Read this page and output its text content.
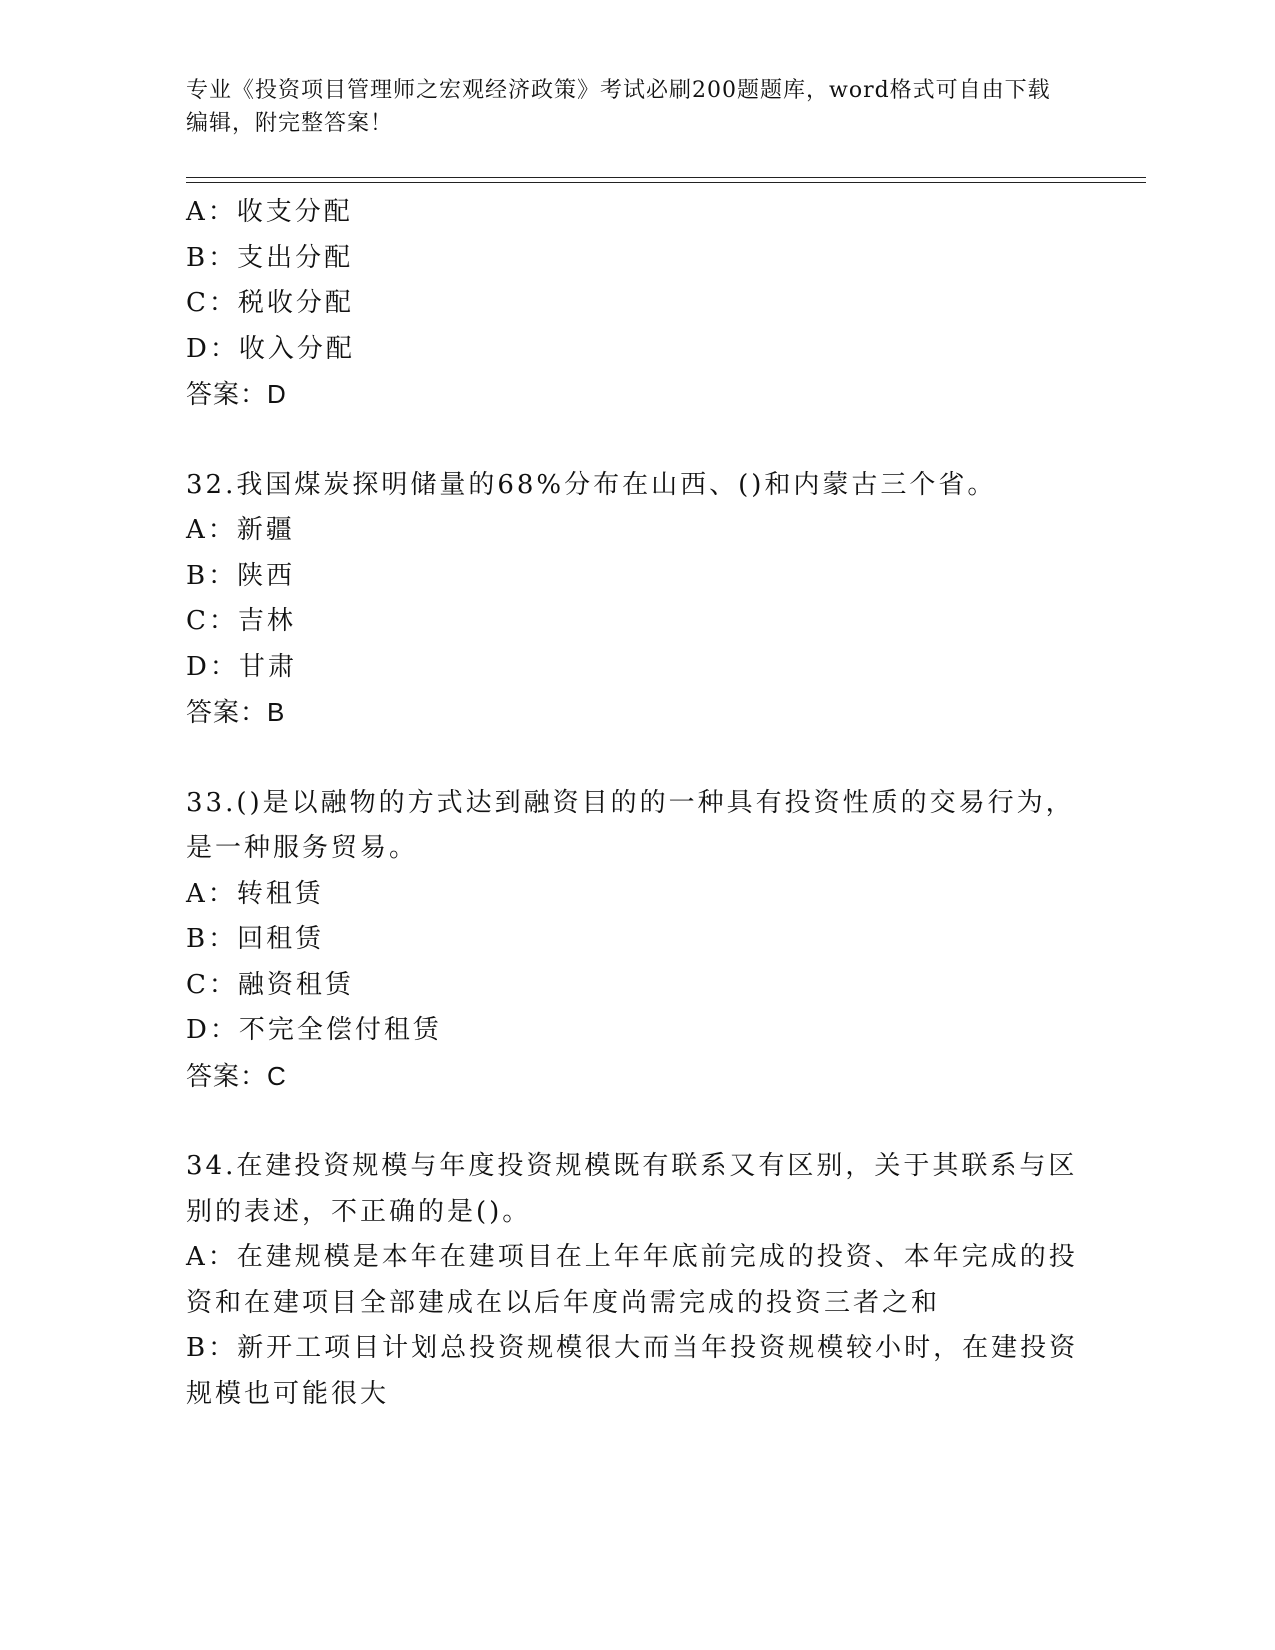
专业《投资项目管理师之宏观经济政策》考试必刷200题题库，word格式可自由下载编辑，附完整答案！
A：收支分配
B：支出分配
C：税收分配
D：收入分配
答案：D
32.我国煤炭探明储量的68%分布在山西、()和内蒙古三个省。
A：新疆
B：陕西
C：吉林
D：甘肃
答案：B
33.()是以融物的方式达到融资目的的一种具有投资性质的交易行为，
是一种服务贸易。
A：转租赁
B：回租赁
C：融资租赁
D：不完全偿付租赁
答案：C
34.在建投资规模与年度投资规模既有联系又有区别，关于其联系与区
别的表述，不正确的是()。
A：在建规模是本年在建项目在上年年底前完成的投资、本年完成的投
资和在建项目全部建成在以后年度尚需完成的投资三者之和
B：新开工项目计划总投资规模很大而当年投资规模较小时，在建投资
规模也可能很大
